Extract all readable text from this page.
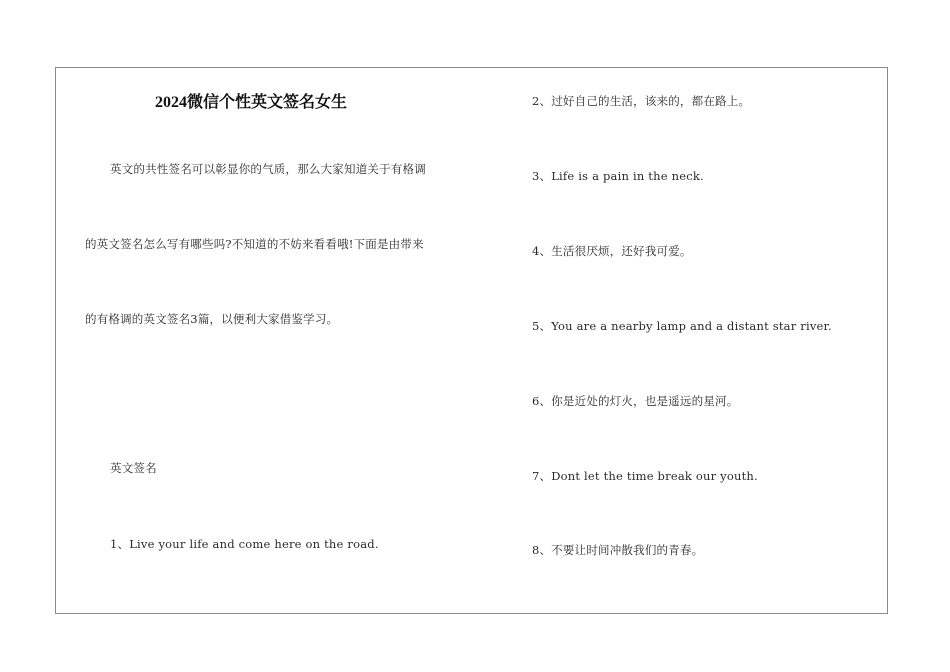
2024微信个性英文签名女生
英文的共性签名可以彰显你的气质，那么大家知道关于有格调
的英文签名怎么写有哪些吗?不知道的不妨来看看哦!下面是由带来
的有格调的英文签名3篇，以便利大家借鉴学习。
英文签名
1、Live your life and come here on the road.
2、过好自己的生活，该来的，都在路上。
3、Life is a pain in the neck.
4、生活很厌烦，还好我可爱。
5、You are a nearby lamp and a distant star river.
6、你是近处的灯火，也是遥远的星河。
7、Dont let the time break our youth.
8、不要让时间冲散我们的青春。
